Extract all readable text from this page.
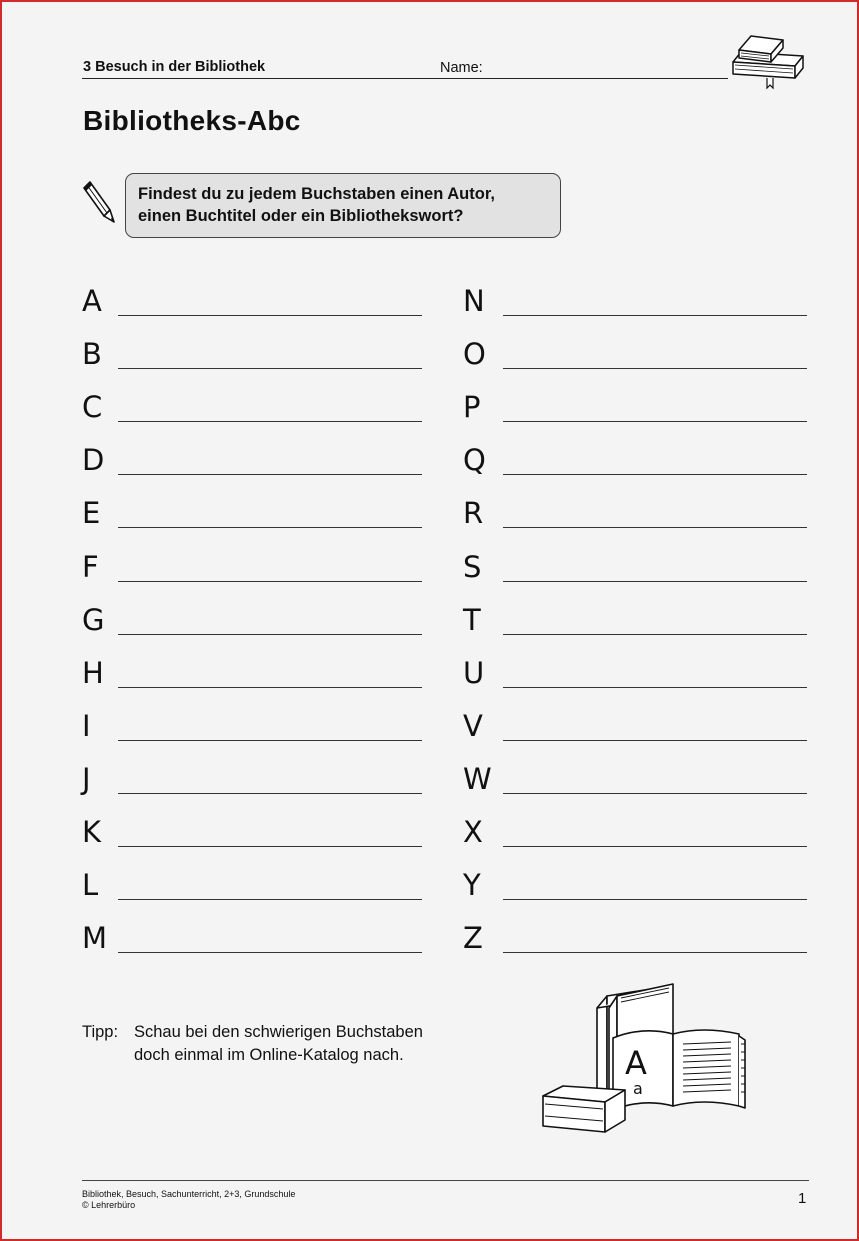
3 Besuch in der Bibliothek	Name:
Bibliotheks-Abc
Findest du zu jedem Buchstaben einen Autor,
einen Buchtitel oder ein Bibliothekswort?
A
B
C
D
E
F
G
H
I
J
K
L
M
N
O
P
Q
R
S
T
U
V
W
X
Y
Z
Tipp: Schau bei den schwierigen Buchstaben
doch einmal im Online-Katalog nach.	A
a
Bibliothek, Besuch, Sachunterricht, 2+3, Grundschule
© Lehrerbüro	1
